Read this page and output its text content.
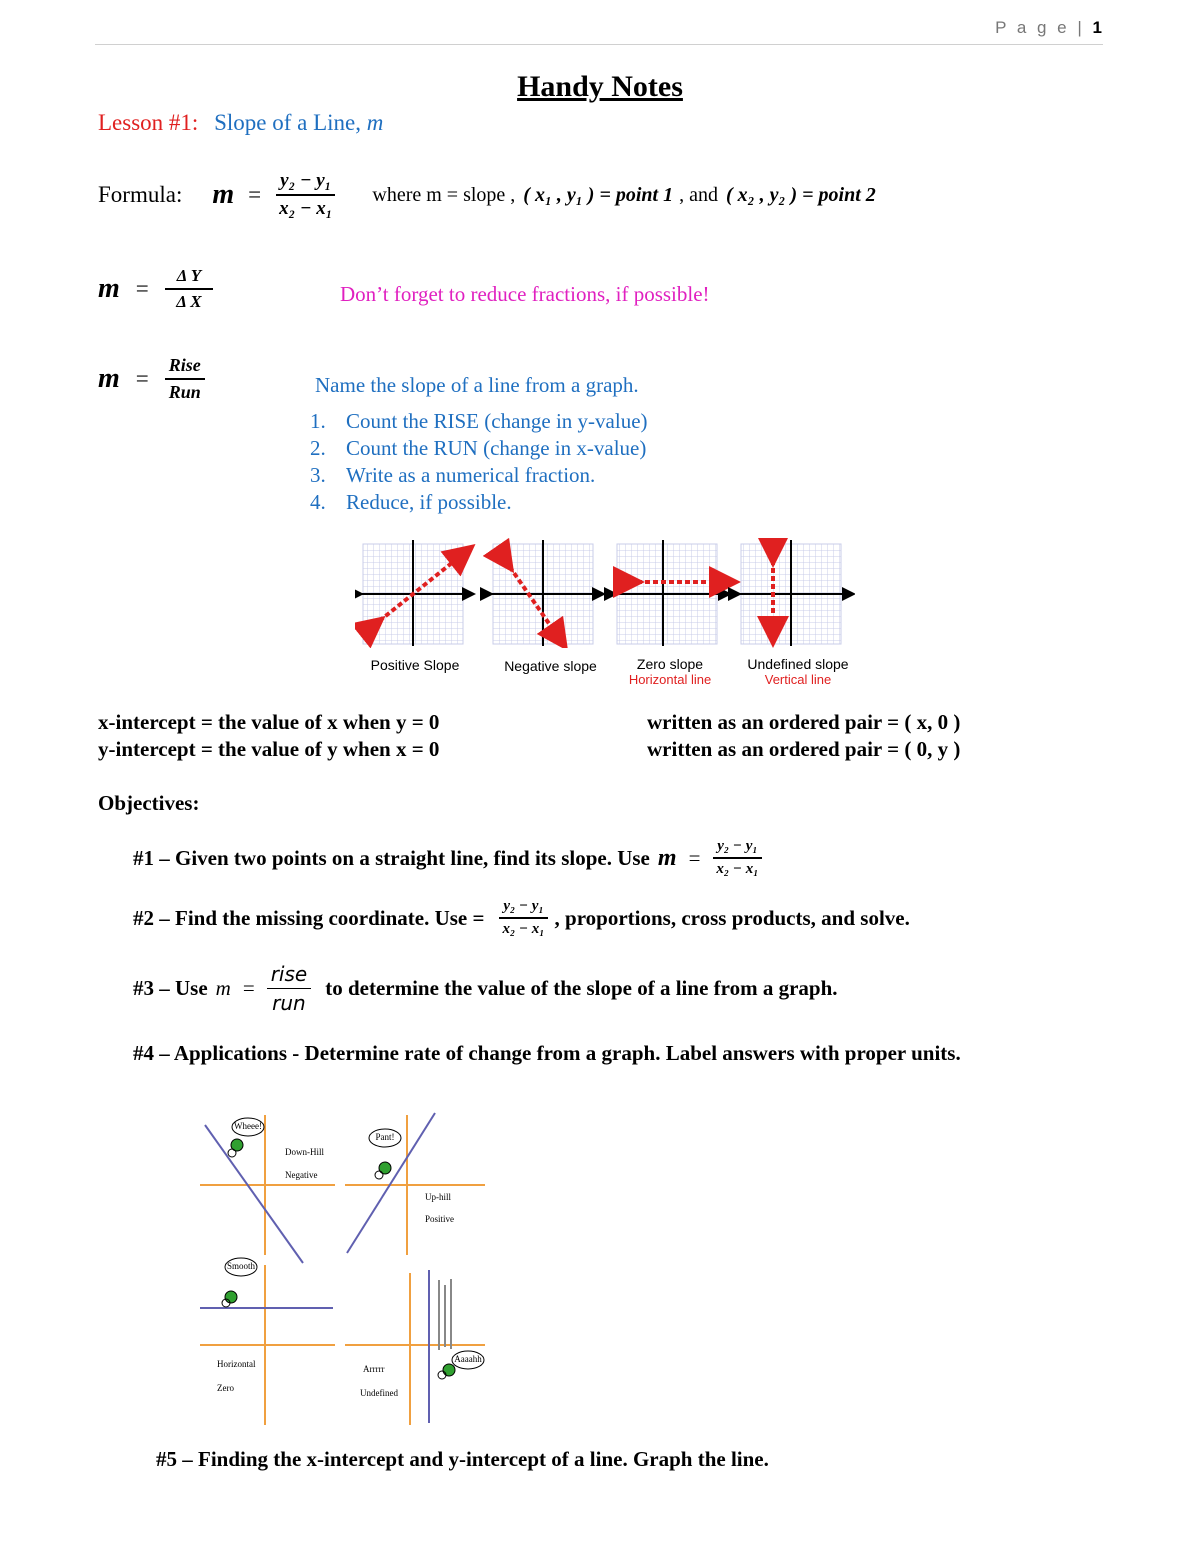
P a g e | 1
Handy Notes
Lesson #1: Slope of a Line, m
Formula: $m = \frac{\text{y₂ − y₁}}{\text{x₂ − x₁}}$ where m = slope , ( x₁ , y₁ ) = point 1 , and ( x₂ , y₂ ) = point 2
$m = \frac{\text{Δ Y}}{\text{Δ X}}$	Don’t forget to reduce fractions, if possible!
$m = \frac{\text{Rise}}{\text{Run}}$	Name the slope of a line from a graph.
1. Count the RISE (change in y-value)
2. Count the RUN (change in x-value)
3. Write as a numerical fraction.
4. Reduce, if possible.
Positive Slope	Negative slope	Zero slope
Horizontal line
Undefined slope
Vertical line
x-intercept = the value of x when y = 0	written as an ordered pair = ( x, 0 )
y-intercept = the value of y when x = 0	written as an ordered pair = ( 0, y )
Objectives:
#1 – Given two points on a straight line, find its slope. Use $m = \frac{\text{y₂ − y₁}}{\text{x₂ − x₁}}$
#2 – Find the missing coordinate. Use = $\frac{\text{y₂ − y₁}}{\text{x₂ − x₁}}$ , proportions, cross products, and solve.
#3 – Use $m = \frac{\text{rise}}{\text{run}}$ to determine the value of the slope of a line from a graph.
#4 – Applications - Determine rate of change from a graph. Label answers with proper units.
Wheee!
Down-Hill
Negative
Pant!
Up-hill
Positive
Smooth
Horizontal
Zero
Aaaahh
Arrrrr
Undefined
#5 – Finding the x-intercept and y-intercept of a line. Graph the line.
